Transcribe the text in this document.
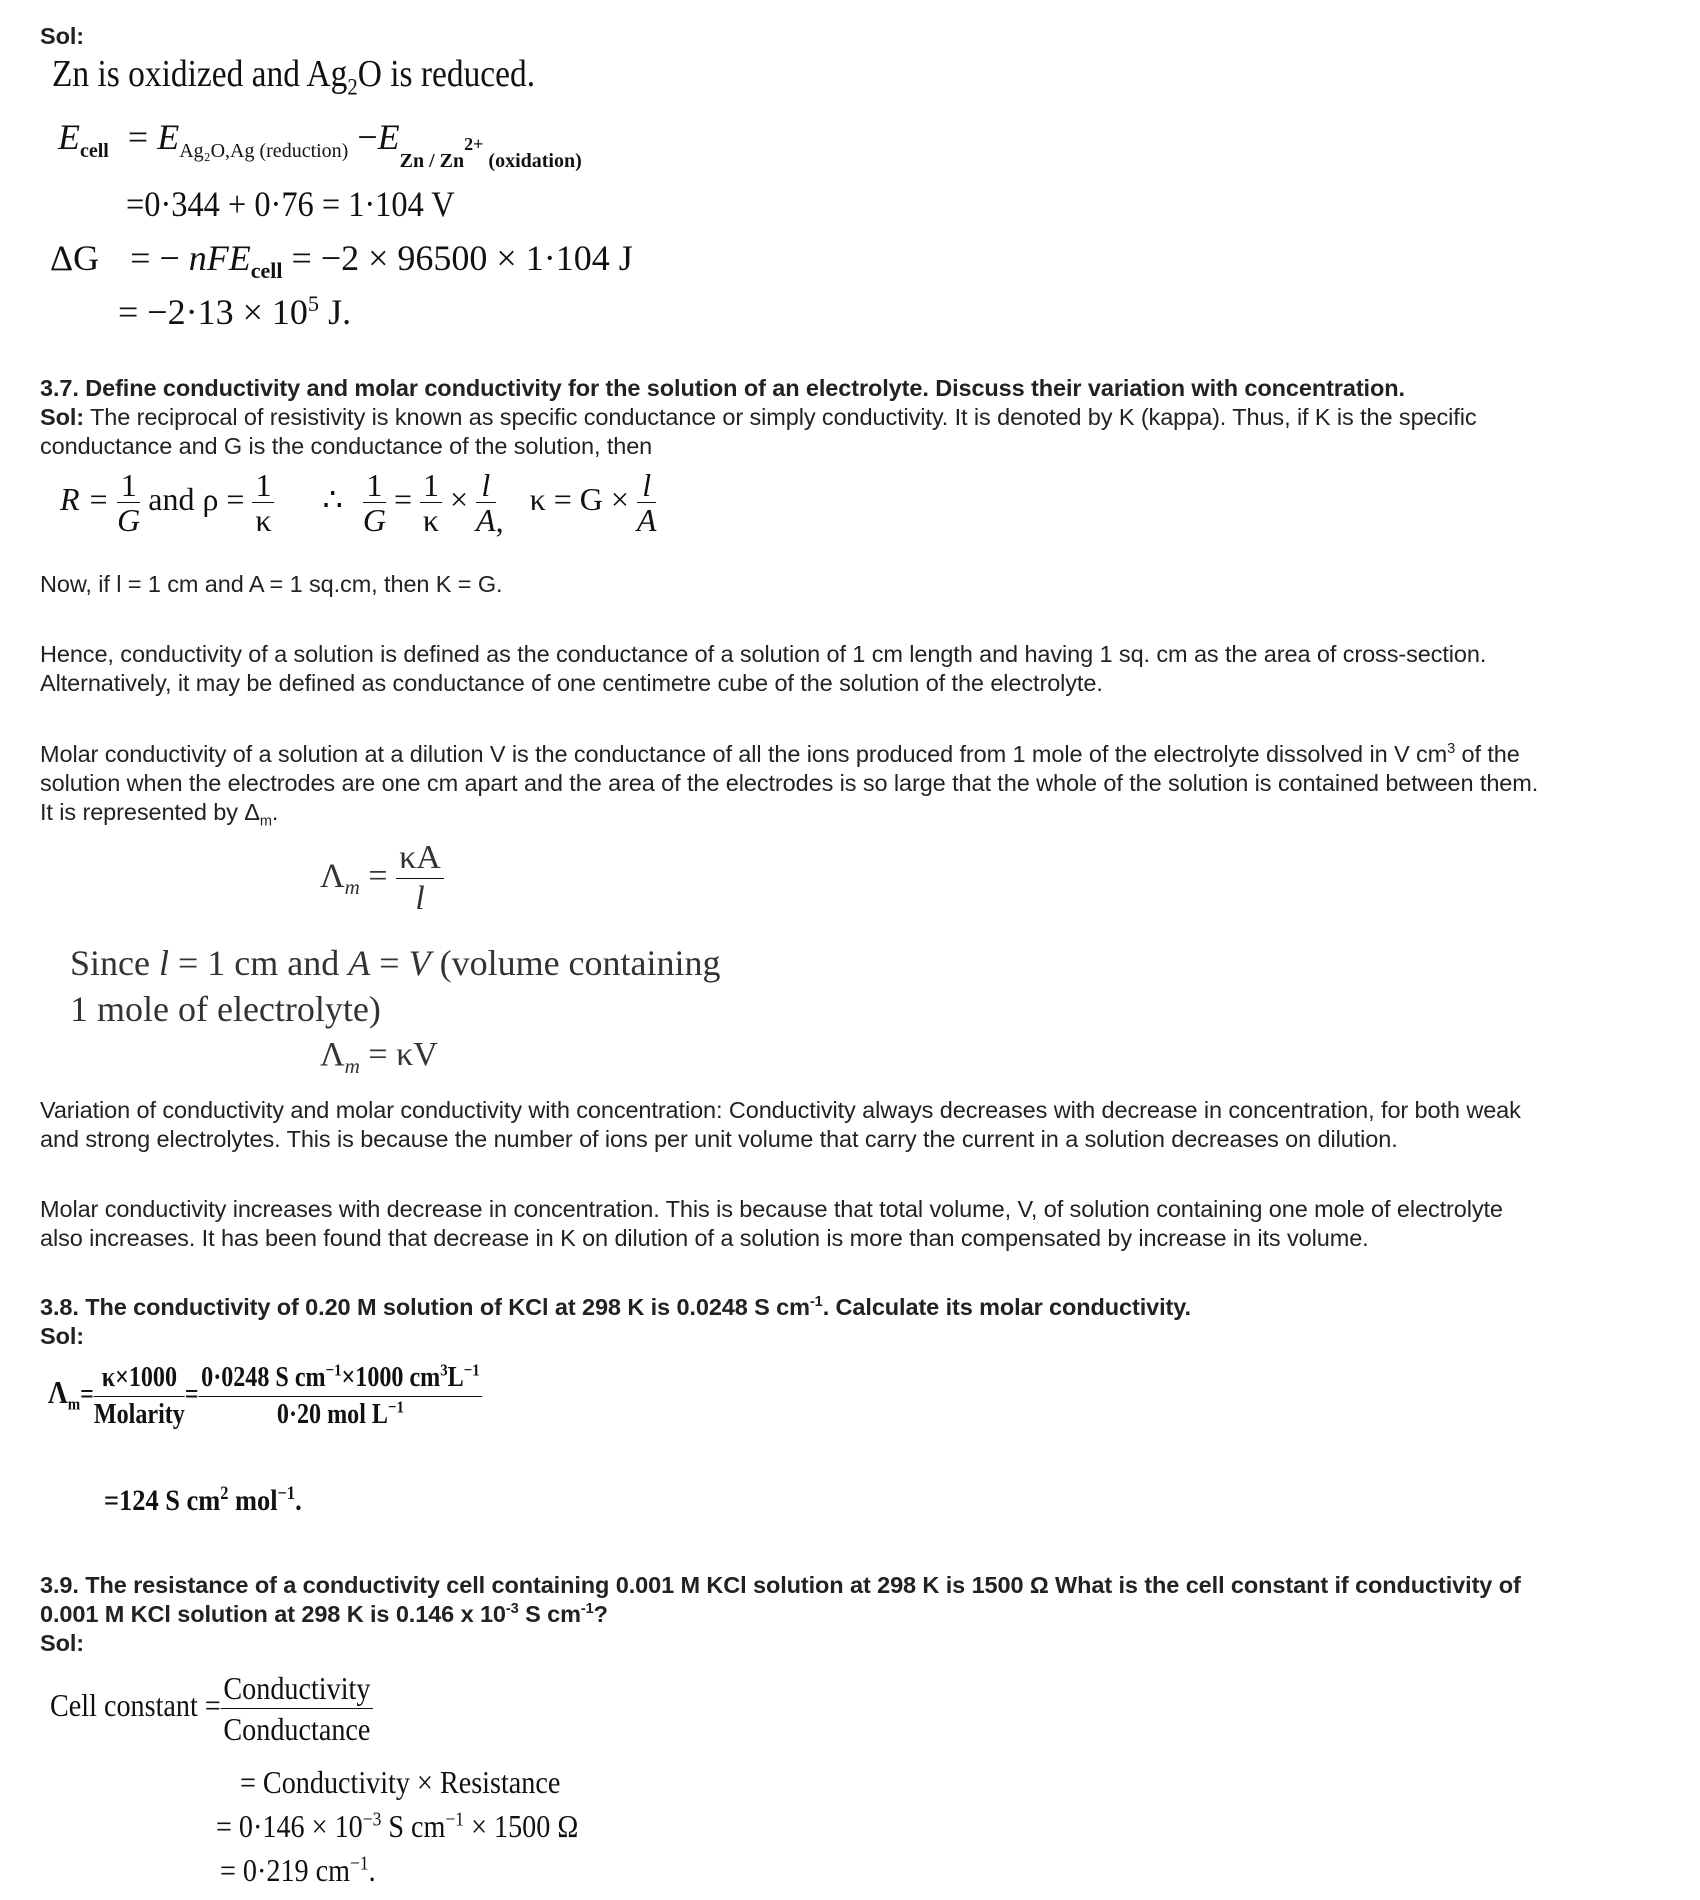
Sol:
Zn is oxidized and $Ag_2O$ is reduced.
$E_{cell} = E_{Ag_2O,Ag (reduction)} -E_{Zn / Zn^{2+} (oxidation)}$
=0·344 + 0·76 = 1·104 V
ΔG = − nFE$_{cell}$ = −2 × 96500 × 1·104 J
= $-2\cdot 13 \times 10^5$ J.
3.7. Define conductivity and molar conductivity for the solution of an electrolyte. Discuss their variation with concentration.
Sol: The reciprocal of resistivity is known as specific conductance or simply conductivity. It is denoted by K (kappa). Thus, if K is the specific
conductance and G is the conductance of the solution, then
$R = \frac{1}{G}$ and $\rho = \frac{1}{\kappa}$ ∴ $\frac{1}{G} = \frac{1}{\kappa} \times \frac{l}{A}$ , $\kappa = G \times \frac{l}{A}$
Now, if l = 1 cm and A = 1 sq.cm, then K = G.
Hence, conductivity of a solution is defined as the conductance of a solution of 1 cm length and having 1 sq. cm as the area of cross-section.
Alternatively, it may be defined as conductance of one centimetre cube of the solution of the electrolyte.
Molar conductivity of a solution at a dilution V is the conductance of all the ions produced from 1 mole of the electrolyte dissolved in V $cm^3$ of the
solution when the electrodes are one cm apart and the area of the electrodes is so large that the whole of the solution is contained between them.
It is represented by $\Delta_m$.
$\Lambda_m = \frac{\kappa A}{l}$
Since l = 1 cm and A = V (volume containing
1 mole of electrolyte)
$\Lambda_m = \kappa V$
Variation of conductivity and molar conductivity with concentration: Conductivity always decreases with decrease in concentration, for both weak
and strong electrolytes. This is because the number of ions per unit volume that carry the current in a solution decreases on dilution.
Molar conductivity increases with decrease in concentration. This is because that total volume, V, of solution containing one mole of electrolyte
also increases. It has been found that decrease in K on dilution of a solution is more than compensated by increase in its volume.
3.8. The conductivity of 0.20 M solution of KCl at 298 K is 0.0248 S $cm^{-1}$. Calculate its molar conductivity.
Sol:
$\Lambda_m= \frac{\kappa\times 1000}{\text{Molarity}} = \frac{0\cdot 0248 S cm^{-1}\times 1000 cm^3L^{-1}}{0\cdot 20 mol L^{-1}}$
=124 S $cm^2$ mol$^{-1}$.
3.9. The resistance of a conductivity cell containing 0.001 M KCl solution at 298 K is 1500 Ω What is the cell constant if conductivity of
0.001 M KCl solution at 298 K is 0.146 x $10^{-3}$ S $cm^{-1}$?
Sol:
Cell constant = $\frac{\text{Conductivity}}{\text{Conductance}}$
= Conductivity × Resistance
= $0\cdot 146 \times 10^{-3}$ S $cm^{-1} \times 1500$ Ω
= 0·219 $cm^{-1}$.
